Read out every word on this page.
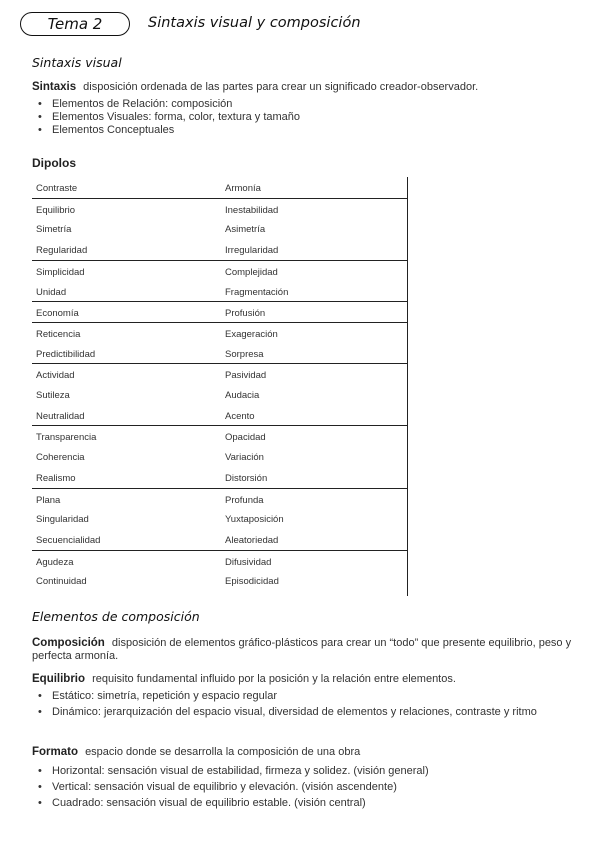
Tema 2	Sintaxis visual y composición
Sintaxis visual
Sintaxis disposición ordenada de las partes para crear un significado creador-observador.
• Elementos de Relación: composición
• Elementos Visuales: forma, color, textura y tamaño
• Elementos Conceptuales
Dipolos
Contraste	Armonía
Equilibrio	Inestabilidad
Simetría	Asimetría
Regularidad	Irregularidad
Simplicidad	Complejidad
Unidad	Fragmentación
Economía	Profusión
Reticencia	Exageración
Predictibilidad	Sorpresa
Actividad	Pasividad
Sutileza	Audacia
Neutralidad	Acento
Transparencia	Opacidad
Coherencia	Variación
Realismo	Distorsión
Plana	Profunda
Singularidad	Yuxtaposición
Secuencialidad	Aleatoriedad
Agudeza	Difusividad
Continuidad	Episodicidad
Elementos de composición
Composición disposición de elementos gráfico-plásticos para crear un “todo” que presente equilibrio, peso y perfecta armonía.
Equilibrio requisito fundamental influido por la posición y la relación entre elementos.
• Estático: simetría, repetición y espacio regular
• Dinámico: jerarquización del espacio visual, diversidad de elementos y relaciones, contraste y ritmo
Formato espacio donde se desarrolla la composición de una obra
• Horizontal: sensación visual de estabilidad, firmeza y solidez. (visión general)
• Vertical: sensación visual de equilibrio y elevación. (visión ascendente)
• Cuadrado: sensación visual de equilibrio estable. (visión central)
